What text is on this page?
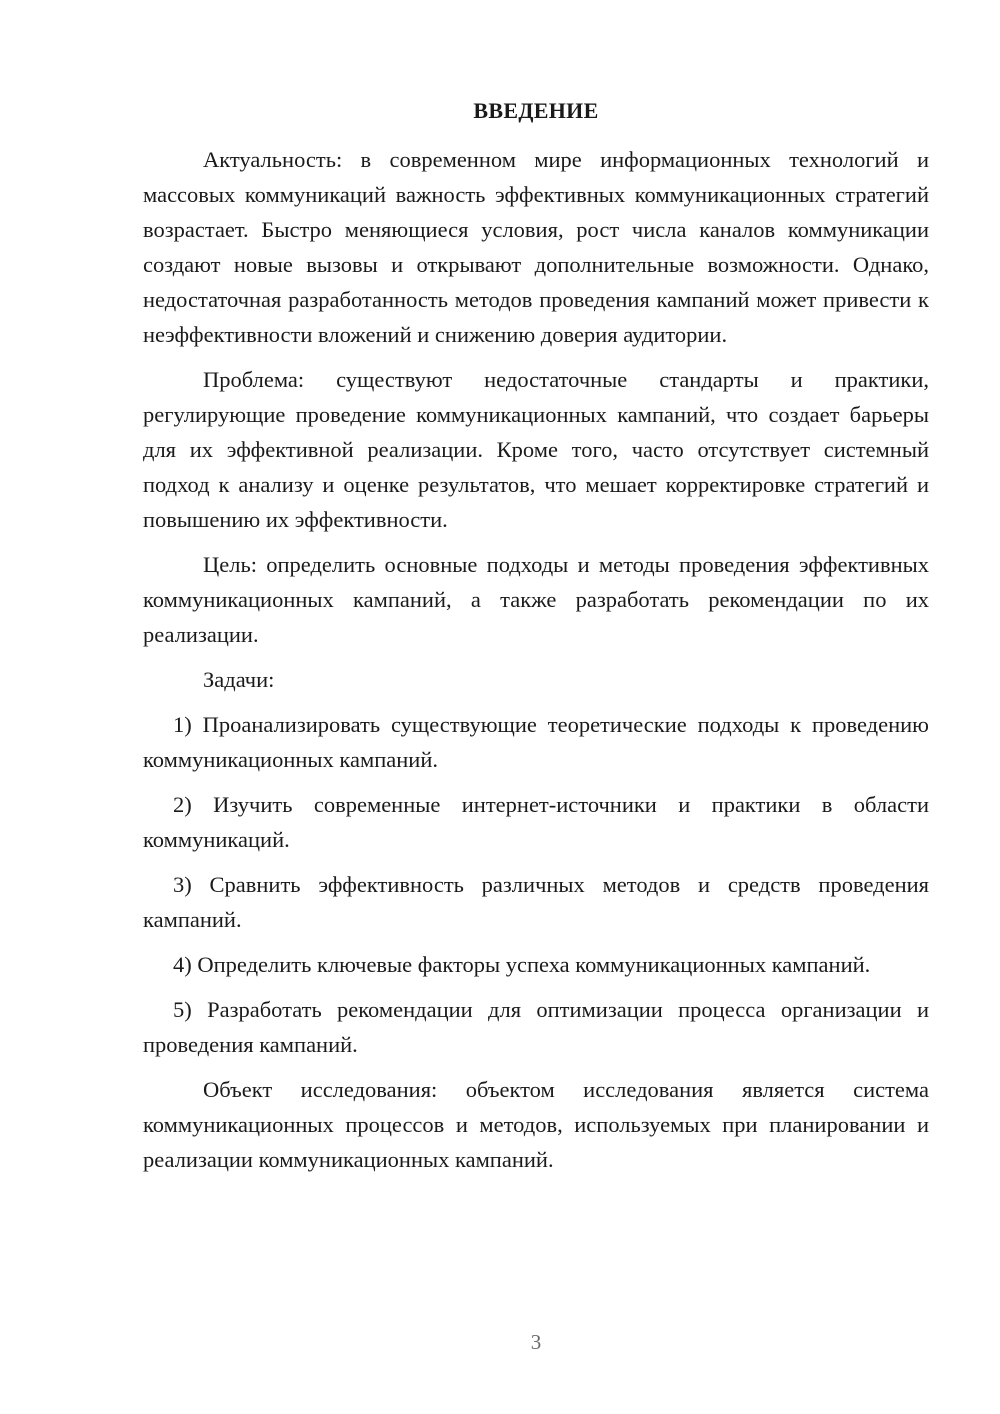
ВВЕДЕНИЕ

Актуальность: в современном мире информационных технологий и массовых коммуникаций важность эффективных коммуникационных стратегий возрастает. Быстро меняющиеся условия, рост числа каналов коммуникации создают новые вызовы и открывают дополнительные возможности. Однако, недостаточная разработанность методов проведения кампаний может привести к неэффективности вложений и снижению доверия аудитории.

Проблема: существуют недостаточные стандарты и практики, регулирующие проведение коммуникационных кампаний, что создает барьеры для их эффективной реализации. Кроме того, часто отсутствует системный подход к анализу и оценке результатов, что мешает корректировке стратегий и повышению их эффективности.

Цель: определить основные подходы и методы проведения эффективных коммуникационных кампаний, а также разработать рекомендации по их реализации.

Задачи:

1) Проанализировать существующие теоретические подходы к проведению коммуникационных кампаний.

2) Изучить современные интернет-источники и практики в области коммуникаций.

3) Сравнить эффективность различных методов и средств проведения кампаний.

4) Определить ключевые факторы успеха коммуникационных кампаний.

5) Разработать рекомендации для оптимизации процесса организации и проведения кампаний.

Объект исследования: объектом исследования является система коммуникационных процессов и методов, используемых при планировании и реализации коммуникационных кампаний.

3
